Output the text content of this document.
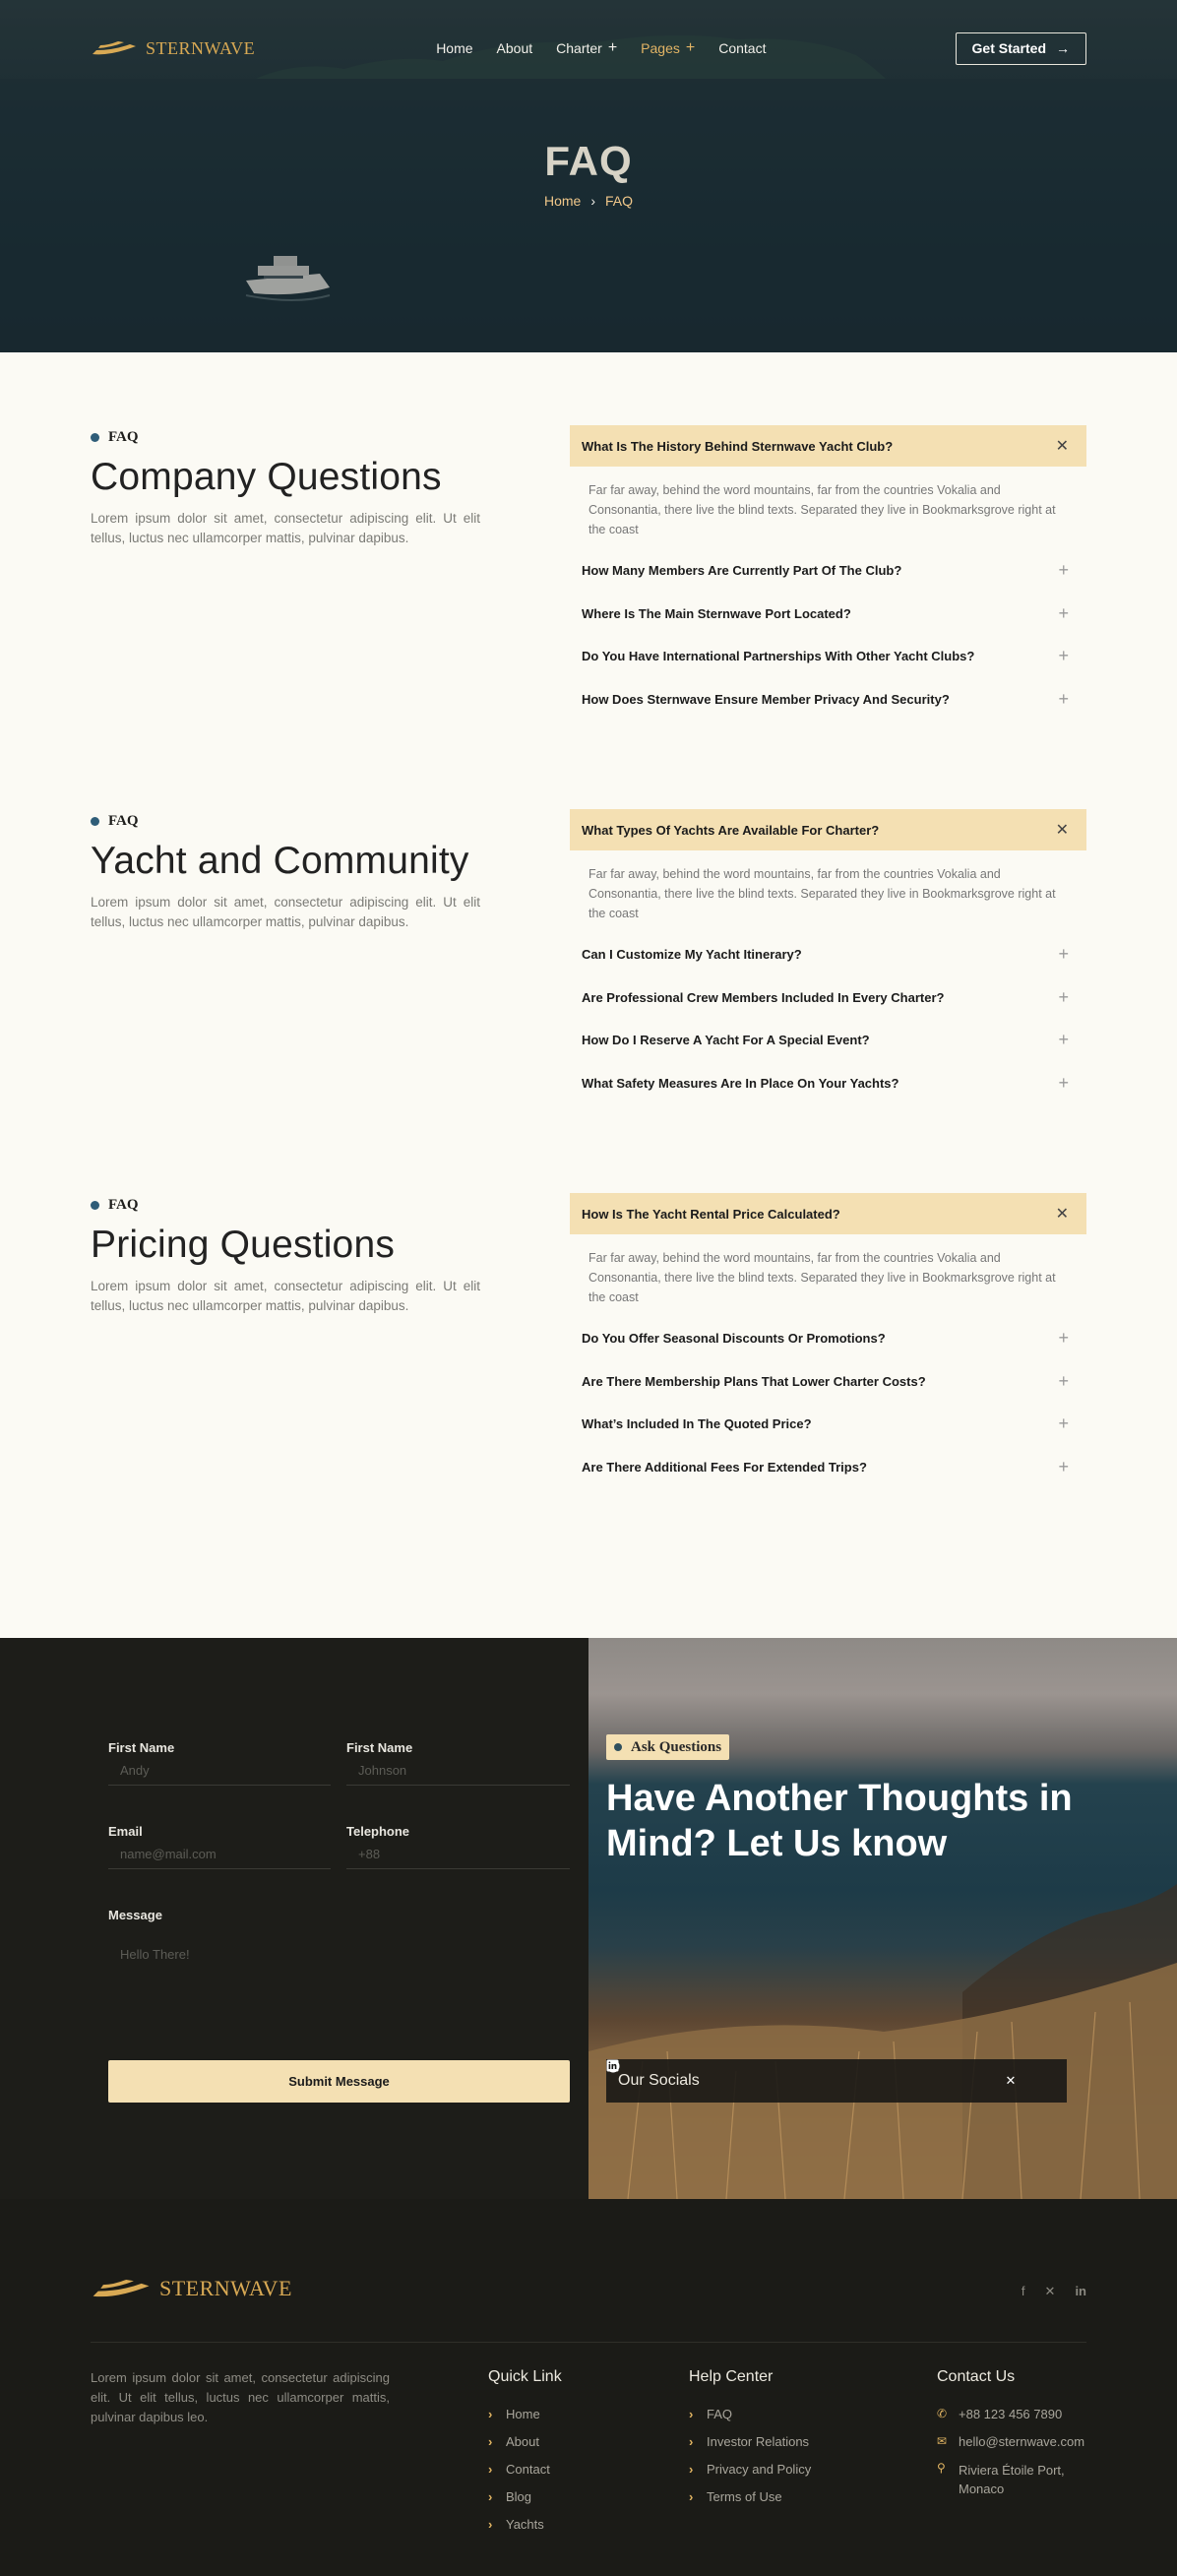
STERNWAVE	Home About Charter + Pages + Contact	Get Started →
FAQ
Home › FAQ
FAQ
Company Questions

Lorem ipsum dolor sit amet, consectetur adipiscing elit. Ut elit tellus, luctus nec ullamcorper mattis, pulvinar dapibus.

What Is The History Behind Sternwave Yacht Club?	✕

Far far away, behind the word mountains, far from the countries Vokalia and Consonantia, there live the blind texts. Separated they live in Bookmarksgrove right at the coast

How Many Members Are Currently Part Of The Club?	+
Where Is The Main Sternwave Port Located?	+
Do You Have International Partnerships With Other Yacht Clubs?	+
How Does Sternwave Ensure Member Privacy And Security?	+
FAQ
Yacht and Community

Lorem ipsum dolor sit amet, consectetur adipiscing elit. Ut elit tellus, luctus nec ullamcorper mattis, pulvinar dapibus.

What Types Of Yachts Are Available For Charter?	✕

Far far away, behind the word mountains, far from the countries Vokalia and Consonantia, there live the blind texts. Separated they live in Bookmarksgrove right at the coast

Can I Customize My Yacht Itinerary?	+
Are Professional Crew Members Included In Every Charter?	+
How Do I Reserve A Yacht For A Special Event?	+
What Safety Measures Are In Place On Your Yachts?	+
FAQ
Pricing Questions

Lorem ipsum dolor sit amet, consectetur adipiscing elit. Ut elit tellus, luctus nec ullamcorper mattis, pulvinar dapibus.

How Is The Yacht Rental Price Calculated?	✕

Far far away, behind the word mountains, far from the countries Vokalia and Consonantia, there live the blind texts. Separated they live in Bookmarksgrove right at the coast

Do You Offer Seasonal Discounts Or Promotions?	+
Are There Membership Plans That Lower Charter Costs?	+
What’s Included In The Quoted Price?	+
Are There Additional Fees For Extended Trips?	+
First Name
Andy
First Name
Johnson
Email
name@mail.com
Telephone
+88
Message
Hello There!
Submit Message
Ask Questions
Have Another Thoughts in Mind? Let Us know
Our Socials	✕
STERNWAVE	f ✕ in

Lorem ipsum dolor sit amet, consectetur adipiscing elit. Ut elit tellus, luctus nec ullamcorper mattis, pulvinar dapibus leo.

Quick Link
› Home
› About
› Contact
› Blog
› Yachts
Help Center
› FAQ
› Investor Relations
› Privacy and Policy
› Terms of Use
Contact Us
✆ +88 123 456 7890
✉ hello@sternwave.com
⚲ Riviera Étoile Port, Monaco
